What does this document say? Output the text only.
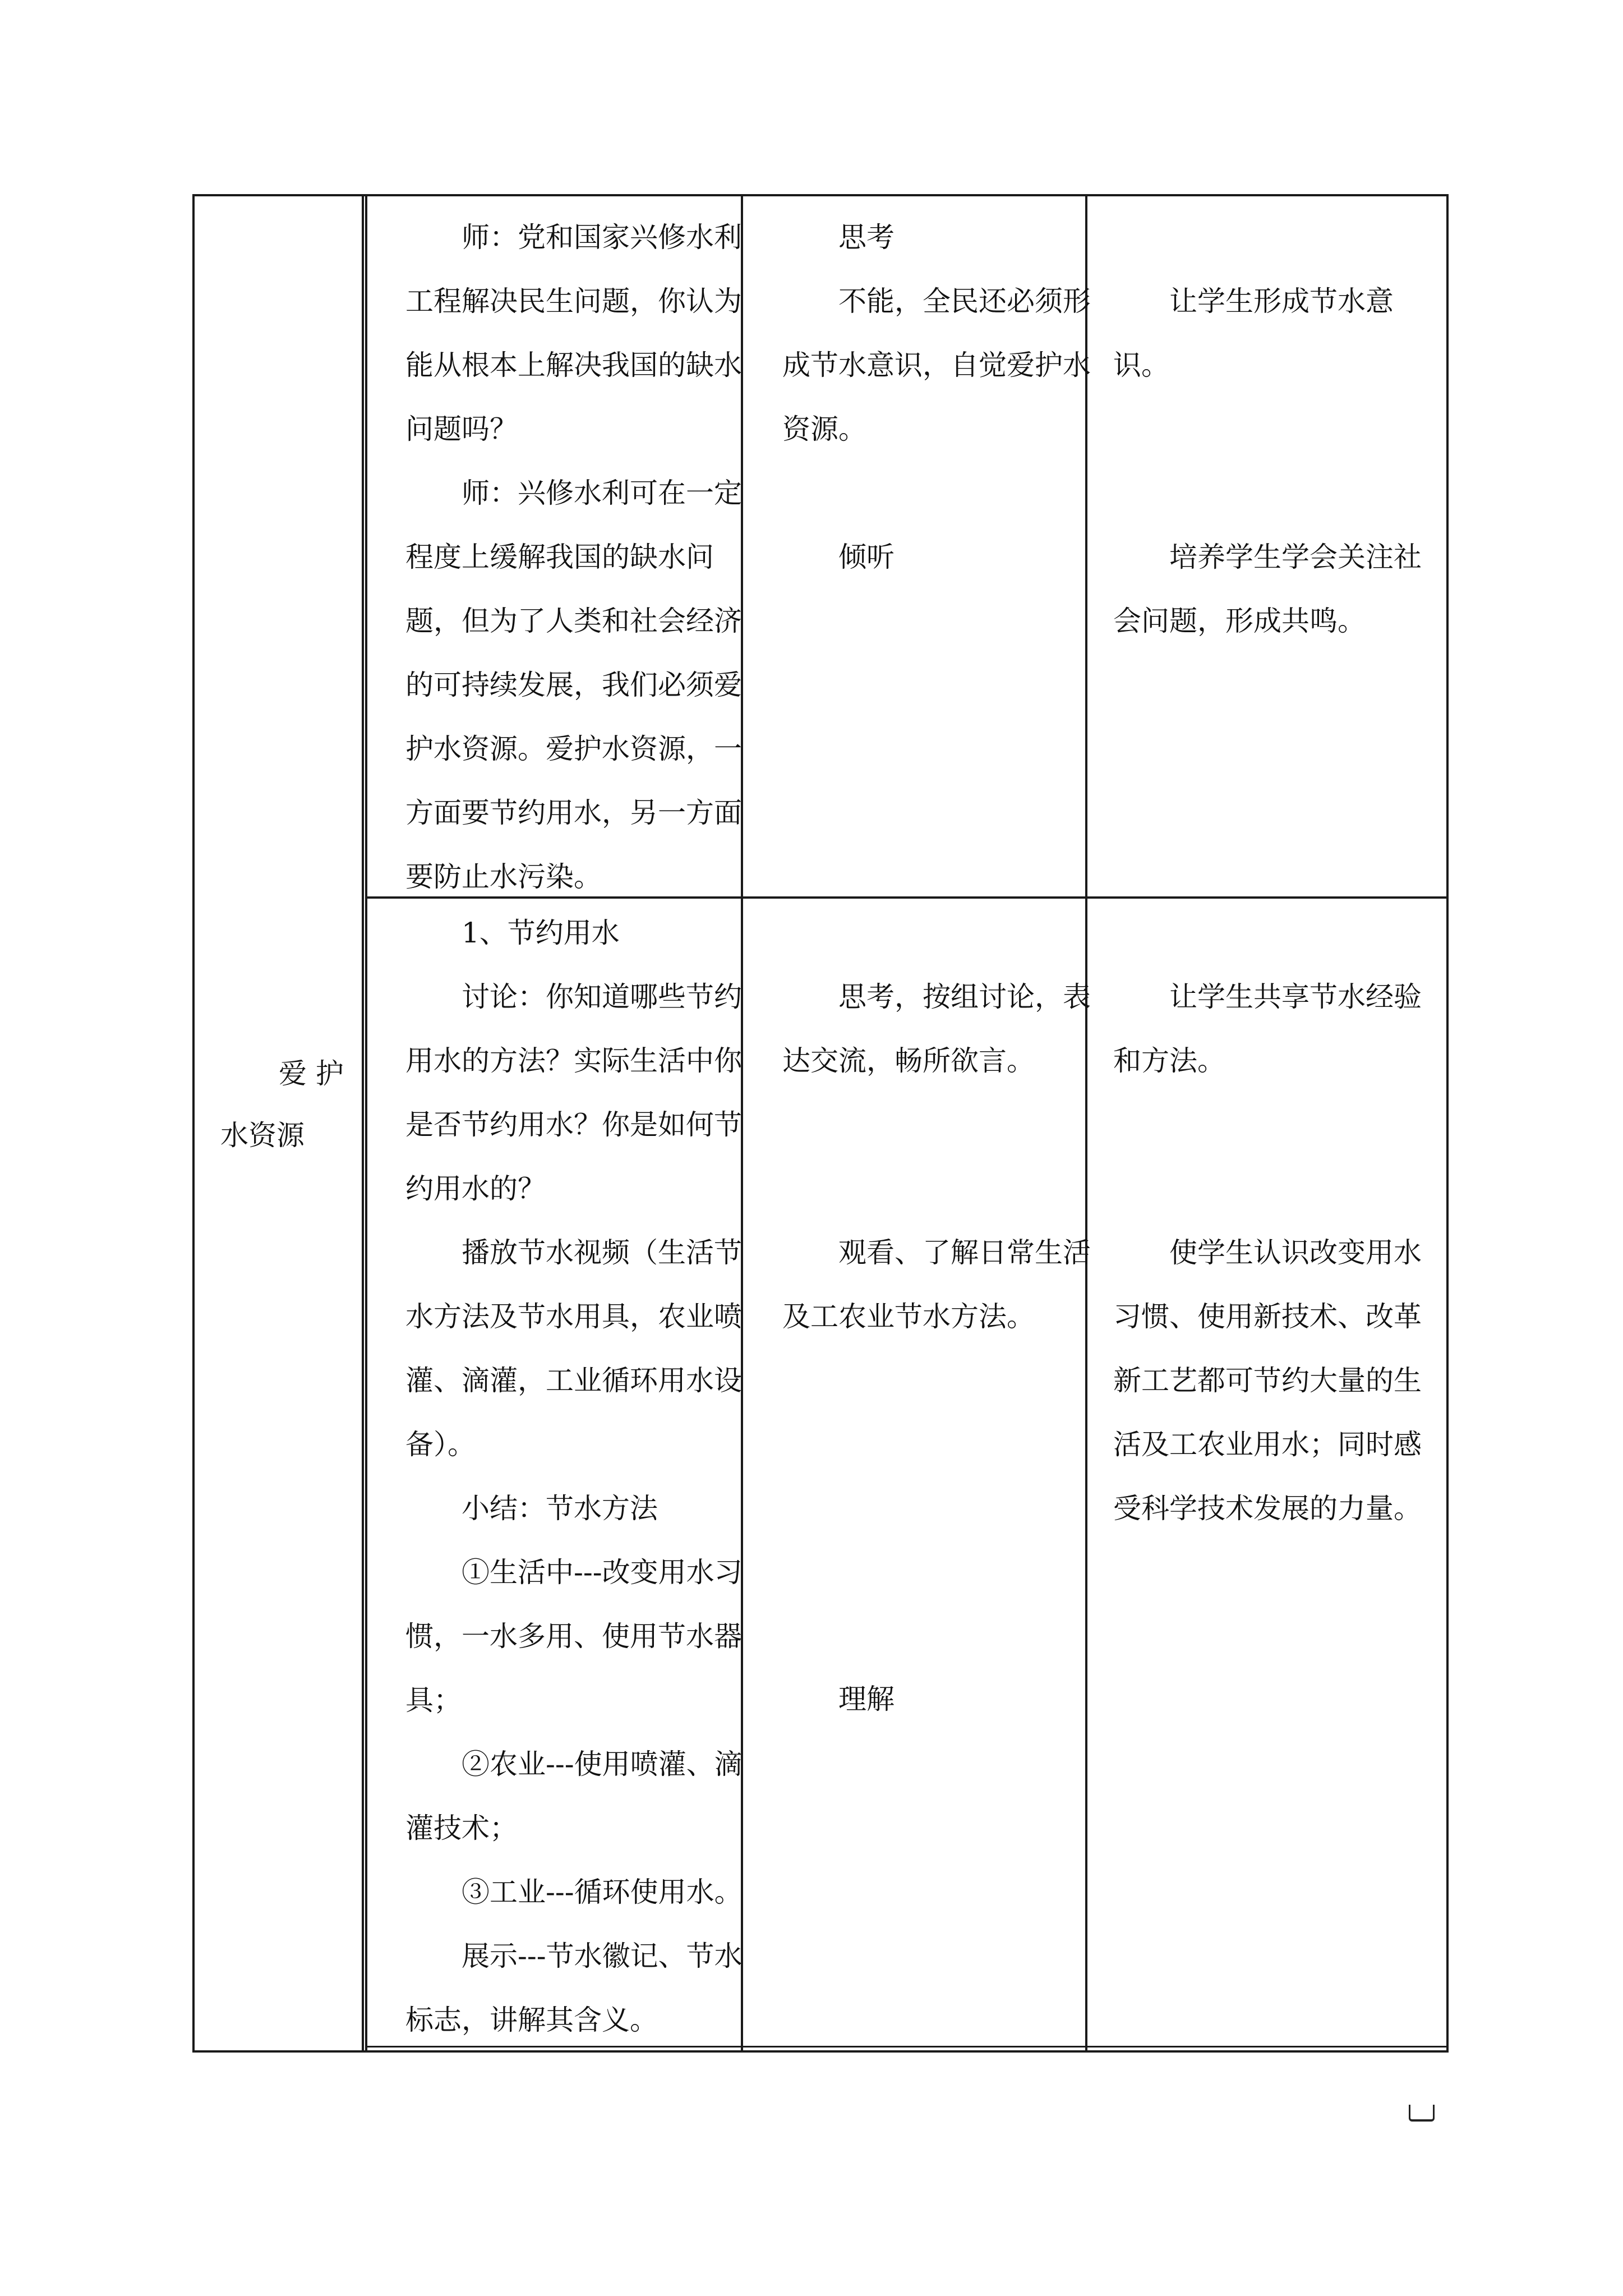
爱 护

水资源

师：党和国家兴修水利工程解决民生问题，你认为能从根本上解决我国的缺水问题吗？

师：兴修水利可在一定程度上缓解我国的缺水问题，但为了人类和社会经济的可持续发展，我们必须爱护水资源。爱护水资源，一方面要节约用水，另一方面要防止水污染。

思考

不能，全民还必须形成节水意识，自觉爱护水资源。

倾听

让学生形成节水意识。

培养学生学会关注社会问题，形成共鸣。

1、节约用水

讨论：你知道哪些节约用水的方法？实际生活中你是否节约用水？你是如何节约用水的？

播放节水视频（生活节水方法及节水用具，农业喷灌、滴灌，工业循环用水设备）。

小结：节水方法

①生活中---改变用水习惯，一水多用、使用节水器具；

②农业---使用喷灌、滴灌技术；

③工业---循环使用水。

展示---节水徽记、节水标志，讲解其含义。

思考，按组讨论，表达交流，畅所欲言。

观看、了解日常生活及工农业节水方法。

理解

让学生共享节水经验和方法。

使学生认识改变用水习惯、使用新技术、改革新工艺都可节约大量的生活及工农业用水；同时感受科学技术发展的力量。
